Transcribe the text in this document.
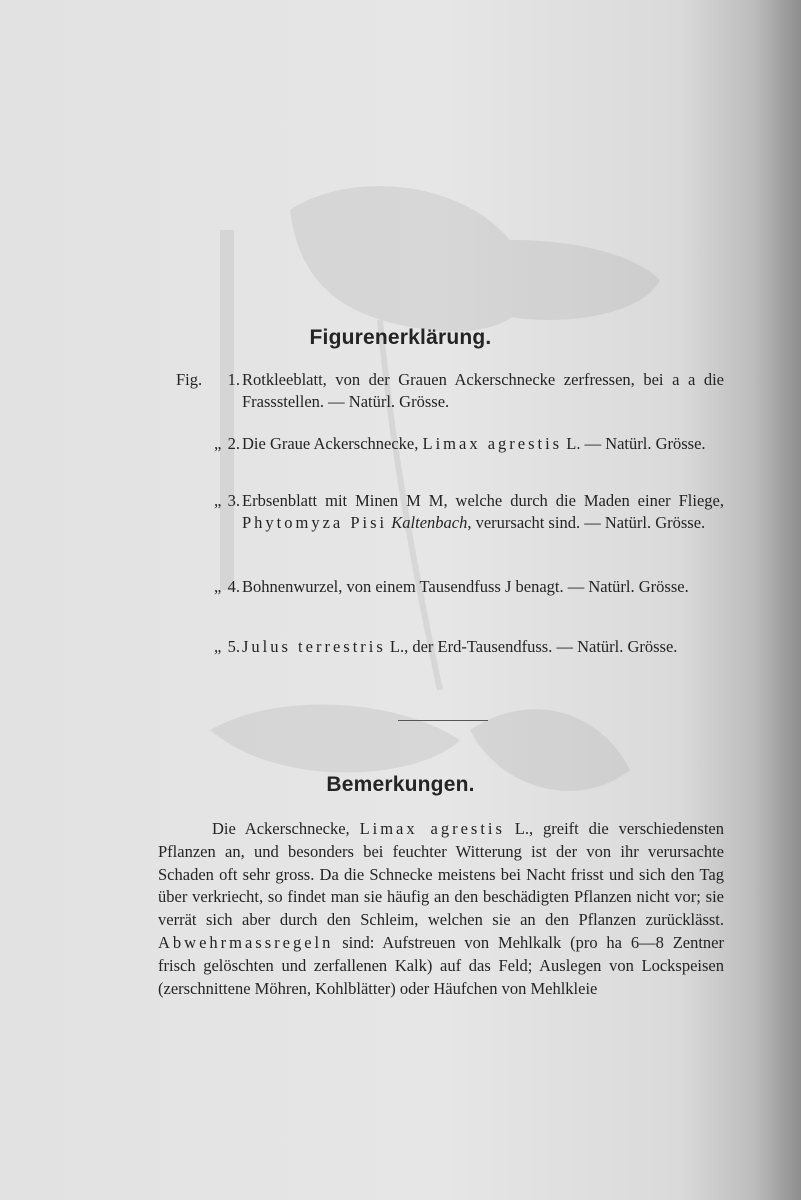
Figurenerklärung.
Fig. 1. Rotkleeblatt, von der Grauen Ackerschnecke zerfressen, bei a a die Frassstellen. — Natürl. Grösse.
„ 2. Die Graue Ackerschnecke, Limax agrestis L. — Natürl. Grösse.
„ 3. Erbsenblatt mit Minen M M, welche durch die Maden einer Fliege, Phytomyza Pisi Kaltenbach, verursacht sind. — Natürl. Grösse.
„ 4. Bohnenwurzel, von einem Tausendfuss J benagt. — Natürl. Grösse.
„ 5. Julus terrestris L., der Erd-Tausendfuss. — Natürl. Grösse.
Bemerkungen.

Die Ackerschnecke, Limax agrestis L., greift die verschiedensten Pflanzen an, und besonders bei feuchter Witterung ist der von ihr verursachte Schaden oft sehr gross. Da die Schnecke meistens bei Nacht frisst und sich den Tag über verkriecht, so findet man sie häufig an den beschädigten Pflanzen nicht vor; sie verrät sich aber durch den Schleim, welchen sie an den Pflanzen zurücklässt. Abwehrmassregeln sind: Aufstreuen von Mehlkalk (pro ha 6—8 Zentner frisch gelöschten und zerfallenen Kalk) auf das Feld; Auslegen von Lockspeisen (zerschnittene Möhren, Kohlblätter) oder Häufchen von Mehlkleie
